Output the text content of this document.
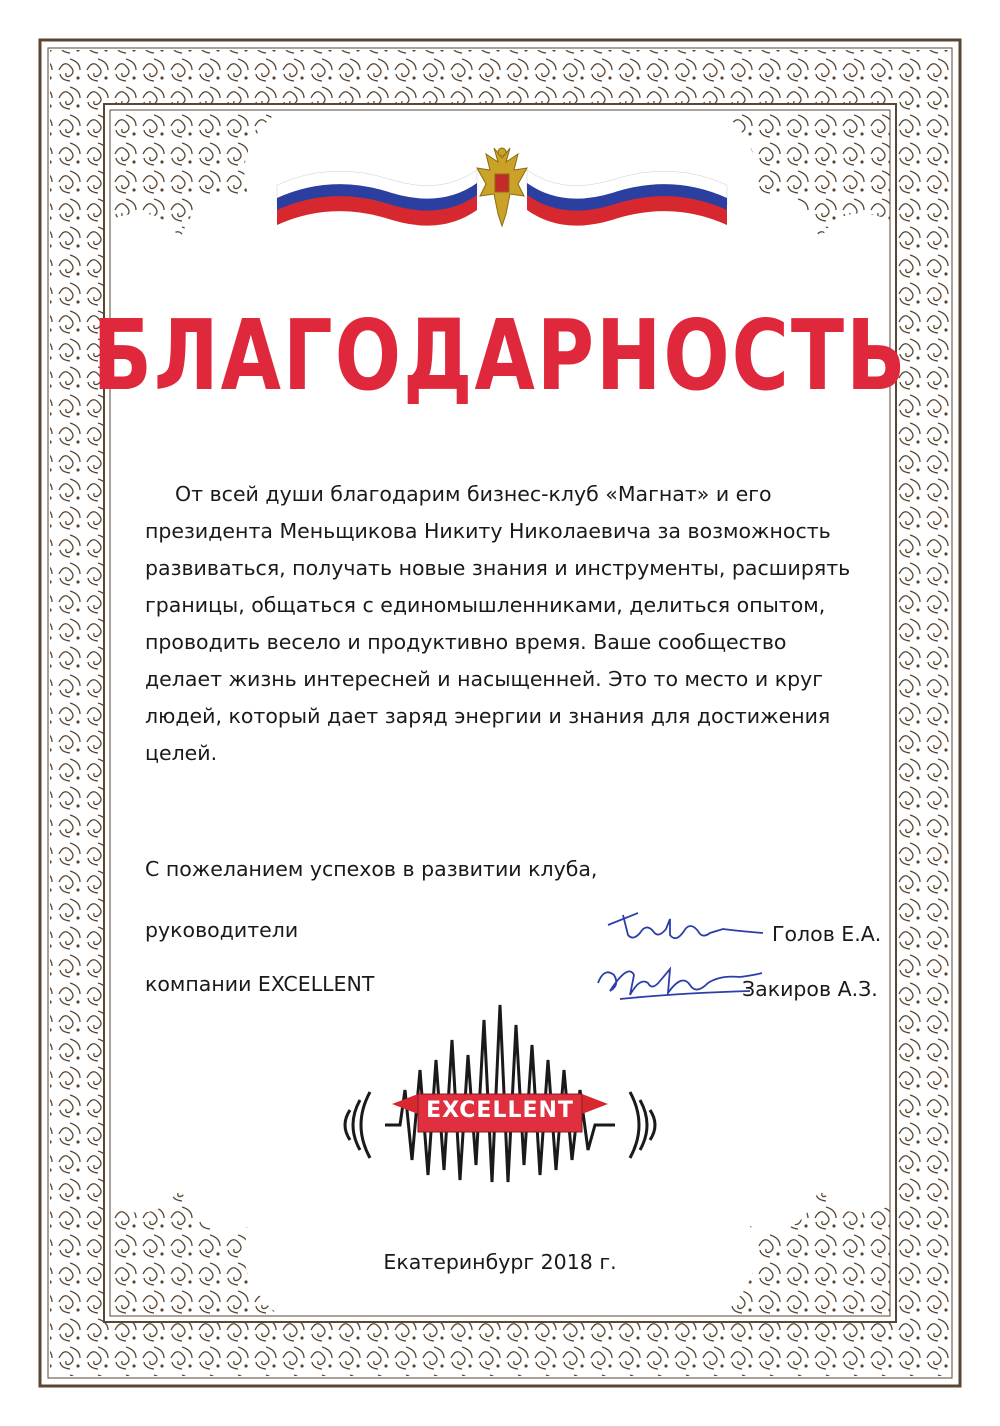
БЛАГОДАРНОСТЬ

От всей души благодарим бизнес-клуб «Магнат» и его
президента Меньщикова Никиту Николаевича за возможность
развиваться, получать новые знания и инструменты, расширять
границы, общаться с единомышленниками, делиться опытом,
проводить весело и продуктивно время. Ваше сообщество
делает жизнь интересней и насыщенней. Это то место и круг
людей, который дает заряд энергии и знания для достижения
целей.

С пожеланием успехов в развитии клуба,
руководители
компании EXCELLENT
Голов Е.А.
Закиров А.З.
EXCELLENT
Екатеринбург 2018 г.
